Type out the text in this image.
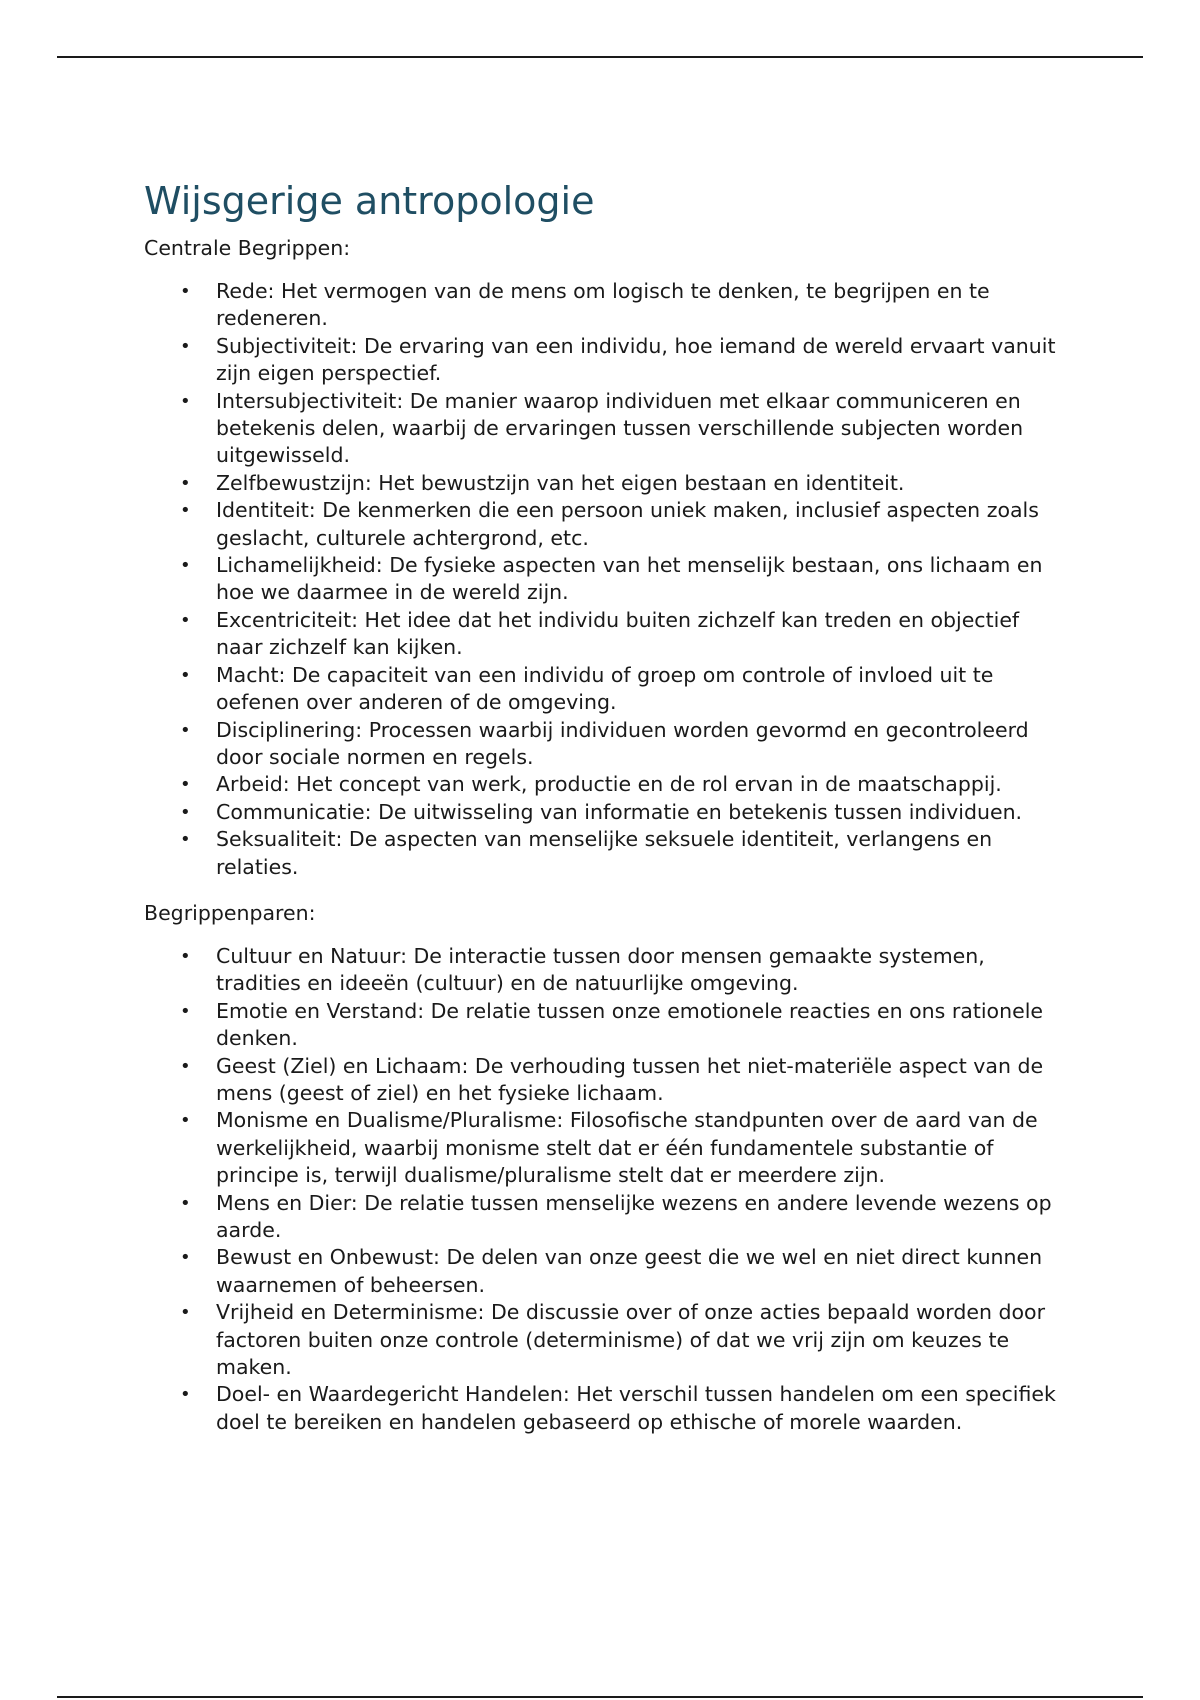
Wijsgerige antropologie
Centrale Begrippen:
• Rede: Het vermogen van de mens om logisch te denken, te begrijpen en te redeneren.
• Subjectiviteit: De ervaring van een individu, hoe iemand de wereld ervaart vanuit zijn eigen perspectief.
• Intersubjectiviteit: De manier waarop individuen met elkaar communiceren en betekenis delen, waarbij de ervaringen tussen verschillende subjecten worden uitgewisseld.
• Zelfbewustzijn: Het bewustzijn van het eigen bestaan en identiteit.
• Identiteit: De kenmerken die een persoon uniek maken, inclusief aspecten zoals geslacht, culturele achtergrond, etc.
• Lichamelijkheid: De fysieke aspecten van het menselijk bestaan, ons lichaam en hoe we daarmee in de wereld zijn.
• Excentriciteit: Het idee dat het individu buiten zichzelf kan treden en objectief naar zichzelf kan kijken.
• Macht: De capaciteit van een individu of groep om controle of invloed uit te oefenen over anderen of de omgeving.
• Disciplinering: Processen waarbij individuen worden gevormd en gecontroleerd door sociale normen en regels.
• Arbeid: Het concept van werk, productie en de rol ervan in de maatschappij.
• Communicatie: De uitwisseling van informatie en betekenis tussen individuen.
• Seksualiteit: De aspecten van menselijke seksuele identiteit, verlangens en relaties.
Begrippenparen:
• Cultuur en Natuur: De interactie tussen door mensen gemaakte systemen, tradities en ideeën (cultuur) en de natuurlijke omgeving.
• Emotie en Verstand: De relatie tussen onze emotionele reacties en ons rationele denken.
• Geest (Ziel) en Lichaam: De verhouding tussen het niet-materiële aspect van de mens (geest of ziel) en het fysieke lichaam.
• Monisme en Dualisme/Pluralisme: Filosofische standpunten over de aard van de werkelijkheid, waarbij monisme stelt dat er één fundamentele substantie of principe is, terwijl dualisme/pluralisme stelt dat er meerdere zijn.
• Mens en Dier: De relatie tussen menselijke wezens en andere levende wezens op aarde.
• Bewust en Onbewust: De delen van onze geest die we wel en niet direct kunnen waarnemen of beheersen.
• Vrijheid en Determinisme: De discussie over of onze acties bepaald worden door factoren buiten onze controle (determinisme) of dat we vrij zijn om keuzes te maken.
• Doel- en Waardegericht Handelen: Het verschil tussen handelen om een specifiek doel te bereiken en handelen gebaseerd op ethische of morele waarden.
